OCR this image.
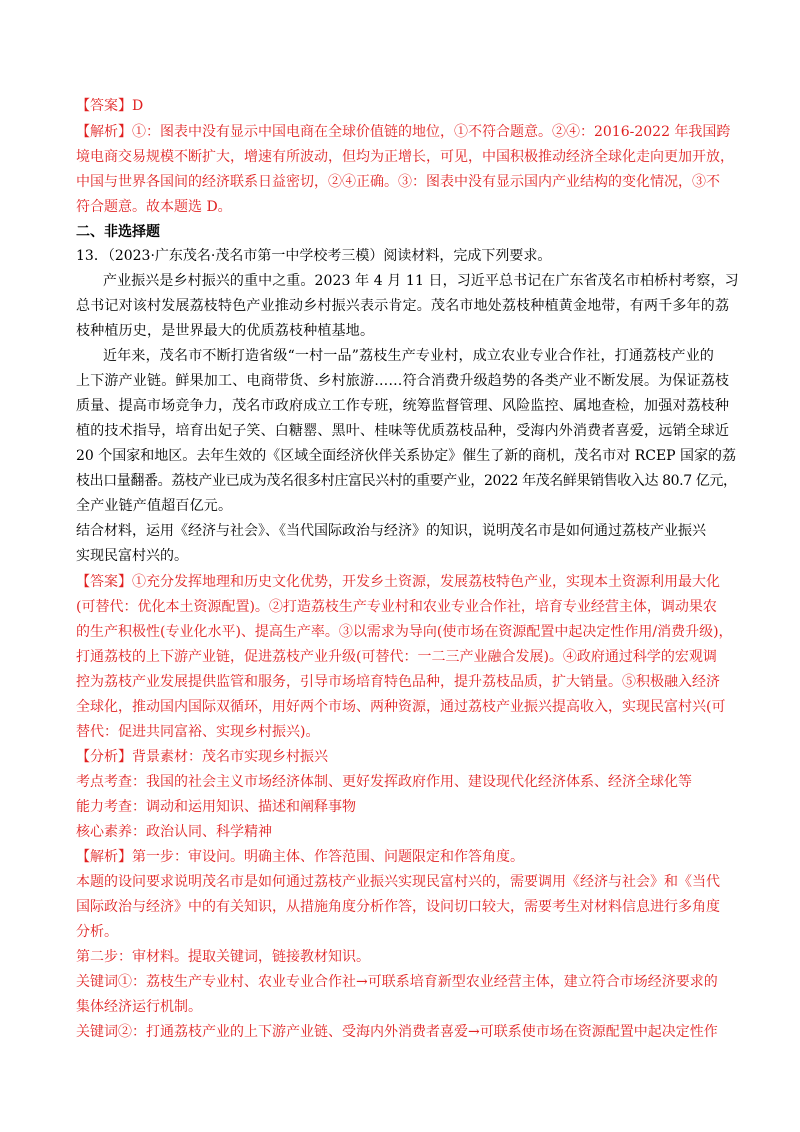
【答案】D
【解析】①：图表中没有显示中国电商在全球价值链的地位，①不符合题意。②④：2016-2022 年我国跨
境电商交易规模不断扩大，增速有所波动，但均为正增长，可见，中国积极推动经济全球化走向更加开放，
中国与世界各国间的经济联系日益密切，②④正确。③：图表中没有显示国内产业结构的变化情况，③不
符合题意。故本题选 D。
二、非选择题
13．（2023·广东茂名·茂名市第一中学校考三模）阅读材料，完成下列要求。
产业振兴是乡村振兴的重中之重。2023 年 4 月 11 日，习近平总书记在广东省茂名市柏桥村考察，习
总书记对该村发展荔枝特色产业推动乡村振兴表示肯定。茂名市地处荔枝种植黄金地带，有两千多年的荔
枝种植历史，是世界最大的优质荔枝种植基地。
近年来，茂名市不断打造省级“一村一品”荔枝生产专业村，成立农业专业合作社，打通荔枝产业的
上下游产业链。鲜果加工、电商带货、乡村旅游……符合消费升级趋势的各类产业不断发展。为保证荔枝
质量、提高市场竞争力，茂名市政府成立工作专班，统筹监督管理、风险监控、属地查检，加强对荔枝种
植的技术指导，培育出妃子笑、白糖罂、黑叶、桂味等优质荔枝品种，受海内外消费者喜爱，远销全球近
20 个国家和地区。去年生效的《区域全面经济伙伴关系协定》催生了新的商机，茂名市对 RCEP 国家的荔
枝出口量翻番。荔枝产业已成为茂名很多村庄富民兴村的重要产业，2022 年茂名鲜果销售收入达 80.7 亿元，
全产业链产值超百亿元。
结合材料，运用《经济与社会》、《当代国际政治与经济》的知识，说明茂名市是如何通过荔枝产业振兴
实现民富村兴的。
【答案】①充分发挥地理和历史文化优势，开发乡土资源，发展荔枝特色产业，实现本土资源利用最大化
(可替代：优化本土资源配置)。②打造荔枝生产专业村和农业专业合作社，培育专业经营主体，调动果农
的生产积极性(专业化水平)、提高生产率。③以需求为导向(使市场在资源配置中起决定性作用/消费升级)，
打通荔枝的上下游产业链，促进荔枝产业升级(可替代：一二三产业融合发展)。④政府通过科学的宏观调
控为荔枝产业发展提供监管和服务，引导市场培育特色品种，提升荔枝品质，扩大销量。⑤积极融入经济
全球化，推动国内国际双循环，用好两个市场、两种资源，通过荔枝产业振兴提高收入，实现民富村兴(可
替代：促进共同富裕、实现乡村振兴)。
【分析】背景素材：茂名市实现乡村振兴
考点考查：我国的社会主义市场经济体制、更好发挥政府作用、建设现代化经济体系、经济全球化等
能力考查：调动和运用知识、描述和阐释事物
核心素养：政治认同、科学精神
【解析】第一步：审设问。明确主体、作答范围、问题限定和作答角度。
本题的设问要求说明茂名市是如何通过荔枝产业振兴实现民富村兴的，需要调用《经济与社会》和《当代
国际政治与经济》中的有关知识，从措施角度分析作答，设问切口较大，需要考生对材料信息进行多角度
分析。
第二步：审材料。提取关键词，链接教材知识。
关键词①：荔枝生产专业村、农业专业合作社→可联系培育新型农业经营主体，建立符合市场经济要求的
集体经济运行机制。
关键词②：打通荔枝产业的上下游产业链、受海内外消费者喜爱→可联系使市场在资源配置中起决定性作
